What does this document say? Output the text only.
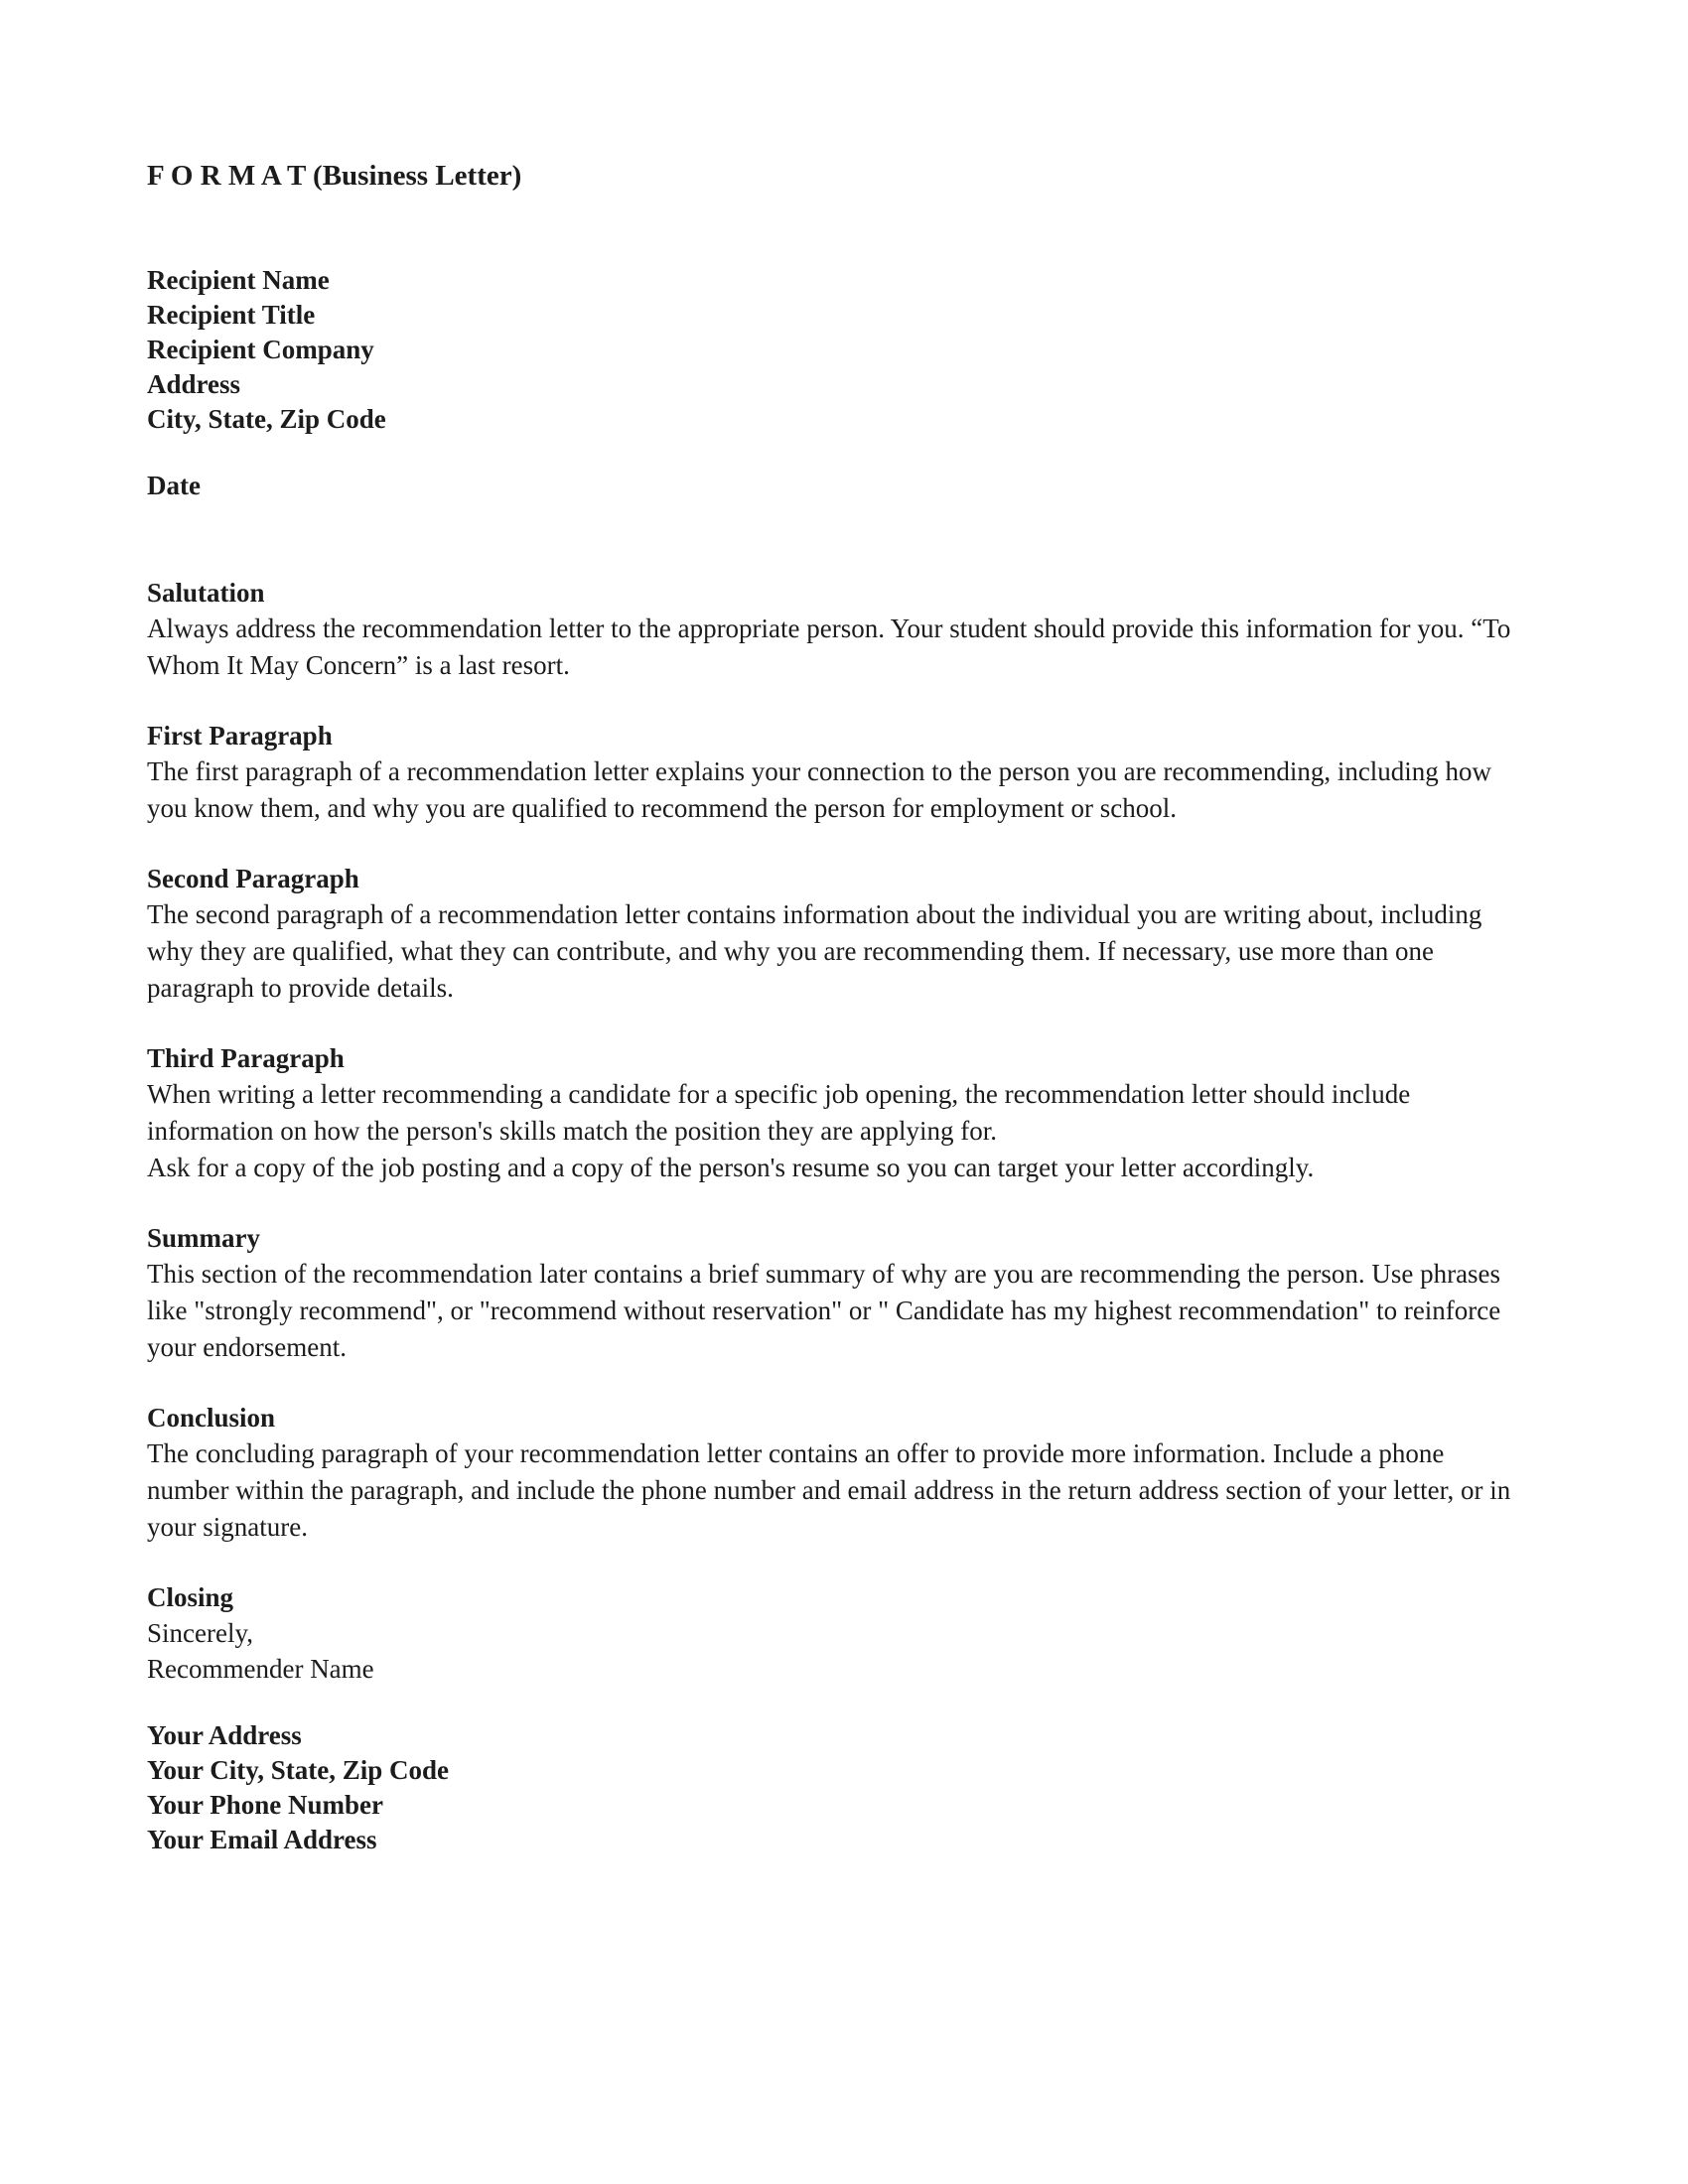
F O R M A T (Business Letter)
Recipient Name
Recipient Title
Recipient Company
Address
City, State, Zip Code
Date
Salutation

Always address the recommendation letter to the appropriate person. Your student should provide this information for you. “To Whom It May Concern” is a last resort.

First Paragraph

The first paragraph of a recommendation letter explains your connection to the person you are recommending, including how you know them, and why you are qualified to recommend the person for employment or school.

Second Paragraph

The second paragraph of a recommendation letter contains information about the individual you are writing about, including why they are qualified, what they can contribute, and why you are recommending them. If necessary, use more than one paragraph to provide details.

Third Paragraph

When writing a letter recommending a candidate for a specific job opening, the recommendation letter should include information on how the person's skills match the position they are applying for.

Ask for a copy of the job posting and a copy of the person's resume so you can target your letter accordingly.

Summary

This section of the recommendation later contains a brief summary of why are you are recommending the person. Use phrases like "strongly recommend", or "recommend without reservation" or " Candidate has my highest recommendation" to reinforce your endorsement.

Conclusion

The concluding paragraph of your recommendation letter contains an offer to provide more information. Include a phone number within the paragraph, and include the phone number and email address in the return address section of your letter, or in your signature.

Closing
Sincerely,
Recommender Name
Your Address
Your City, State, Zip Code
Your Phone Number
Your Email Address
